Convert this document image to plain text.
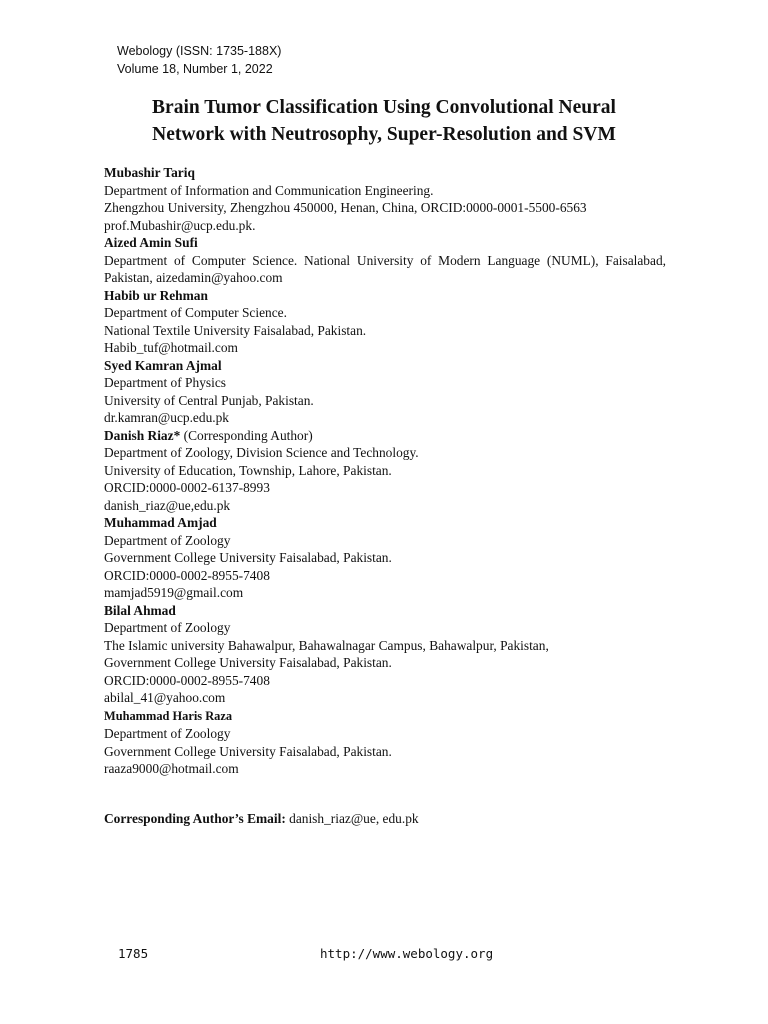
Webology (ISSN: 1735-188X)
Volume 18, Number 1, 2022
Brain Tumor Classification Using Convolutional Neural
Network with Neutrosophy, Super-Resolution and SVM
Mubashir Tariq
Department of Information and Communication Engineering.
Zhengzhou University, Zhengzhou 450000, Henan, China, ORCID:0000-0001-5500-6563
prof.Mubashir@ucp.edu.pk.
Aized Amin Sufi
Department of Computer Science. National University of Modern Language (NUML), Faisalabad, Pakistan, aizedamin@yahoo.com
Habib ur Rehman
Department of Computer Science.
National Textile University Faisalabad, Pakistan.
Habib_tuf@hotmail.com
Syed Kamran Ajmal
Department of Physics
University of Central Punjab, Pakistan.
dr.kamran@ucp.edu.pk
Danish Riaz* (Corresponding Author)
Department of Zoology, Division Science and Technology.
University of Education, Township, Lahore, Pakistan.
ORCID:0000-0002-6137-8993
danish_riaz@ue,edu.pk
Muhammad Amjad
Department of Zoology
Government College University Faisalabad, Pakistan.
ORCID:0000-0002-8955-7408
mamjad5919@gmail.com
Bilal Ahmad
Department of Zoology
The Islamic university Bahawalpur, Bahawalnagar Campus, Bahawalpur, Pakistan,
Government College University Faisalabad, Pakistan.
ORCID:0000-0002-8955-7408
abilal_41@yahoo.com
Muhammad Haris Raza
Department of Zoology
Government College University Faisalabad, Pakistan.
raaza9000@hotmail.com
Corresponding Author’s Email: danish_riaz@ue, edu.pk
1785	http://www.webology.org
